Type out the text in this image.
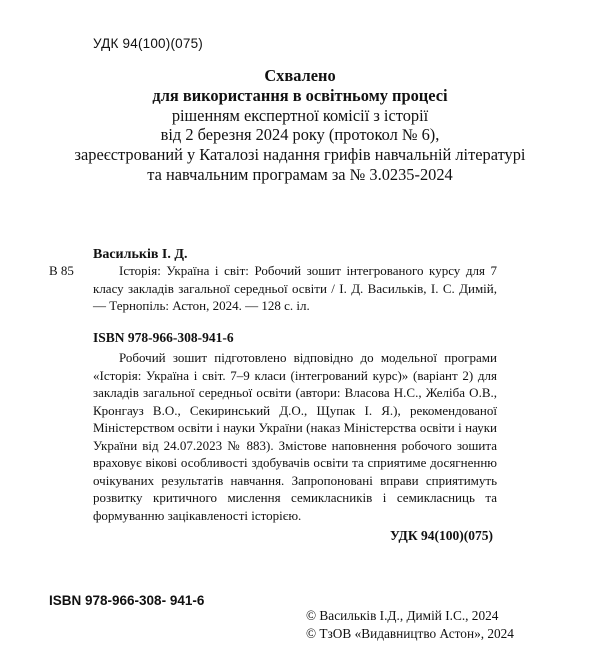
УДК 94(100)(075)
Схвалено
для використання в освітньому процесі
рішенням експертної комісії з історії
від 2 березня 2024 року (протокол № 6),
зареєстрований у Каталозі надання грифів навчальній літературі
та навчальним програмам за № 3.0235-2024
Васильків І. Д.
В 85	Історія: Україна і світ: Робочий зошит інтегрованого курсу для 7 класу закладів загальної середньої освіти / І. Д. Васильків, І. С. Димій, — Тернопіль: Астон, 2024. — 128 с. іл.
ISBN 978-966-308-941-6
Робочий зошит підготовлено відповідно до модельної програми «Історія: Україна і світ. 7–9 класи (інтегрований курс)» (варіант 2) для закладів загальної середньої освіти (автори: Власова Н.С., Желіба О.В., Кронгауз В.О., Секиринський Д.О., Щупак І. Я.), рекомендованої Міністерством освіти і науки України (наказ Міністерства освіти і науки України від 24.07.2023 № 883). Змістове наповнення робочого зошита враховує вікові особливості здобувачів освіти та сприятиме досягненню очікуваних результатів навчання. Запропоновані вправи сприятимуть розвитку критичного мислення семикласників і семикласниць та формуванню зацікавленості історією.
УДК 94(100)(075)
ISBN 978-966-308- 941-6
© Васильків І.Д., Димій І.С., 2024
© ТзОВ «Видавництво Астон», 2024
